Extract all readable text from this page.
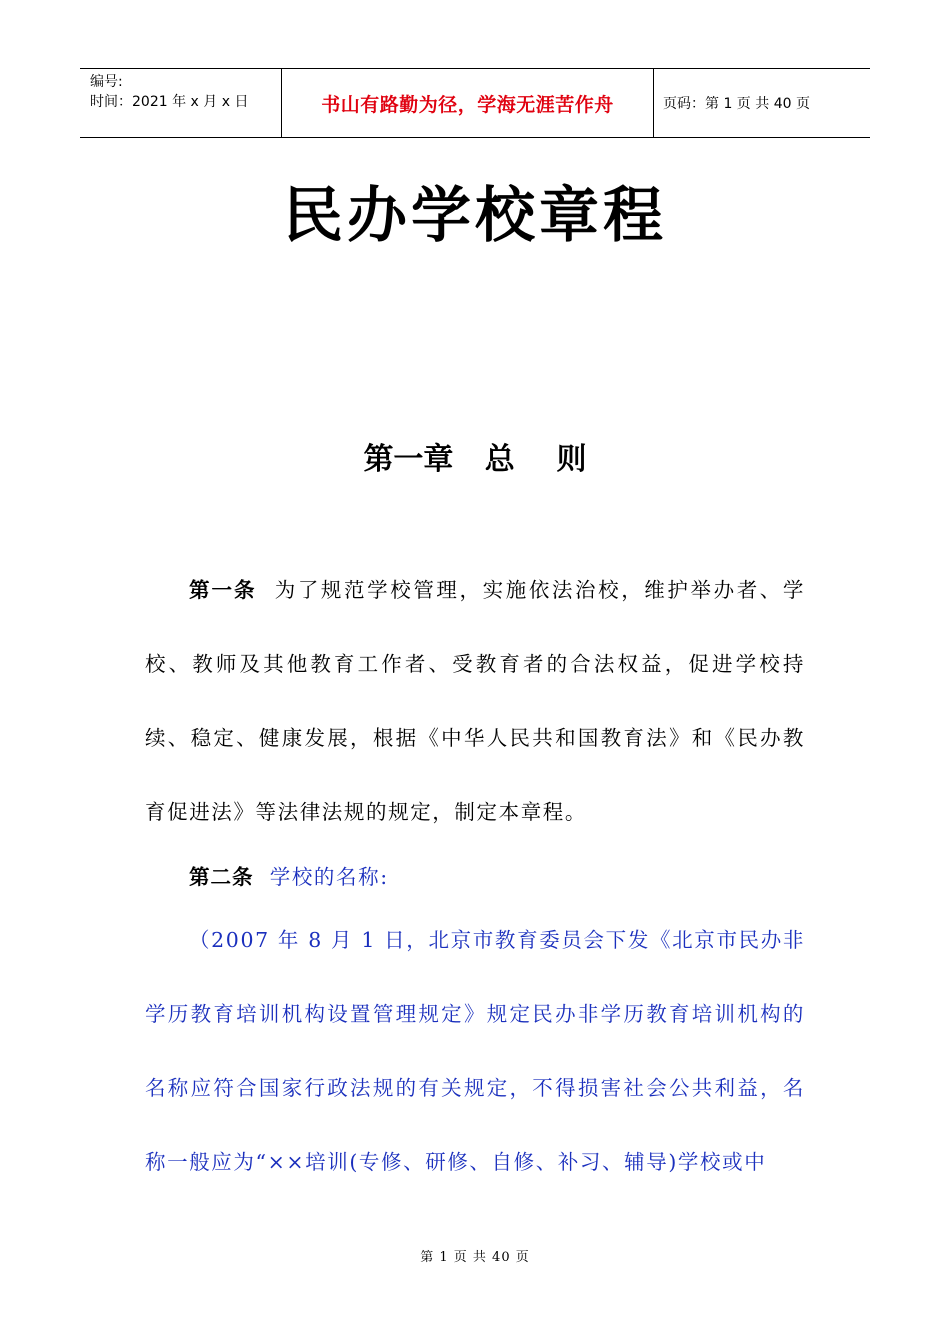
编号:
时间：2021 年 x 月 x 日	书山有路勤为径，学海无涯苦作舟	页码：第 1 页 共 40 页
民办学校章程
第一章   总    则
第一条 为了规范学校管理，实施依法治校，维护举办者、学校、教师及其他教育工作者、受教育者的合法权益，促进学校持续、稳定、健康发展，根据《中华人民共和国教育法》和《民办教育促进法》等法律法规的规定，制定本章程。
第二条 学校的名称:
（2007 年 8 月 1 日，北京市教育委员会下发《北京市民办非学历教育培训机构设置管理规定》规定民办非学历教育培训机构的名称应符合国家行政法规的有关规定，不得损害社会公共利益，名称一般应为“××培训(专修、研修、自修、补习、辅导)学校或中
第 1 页 共 40 页
